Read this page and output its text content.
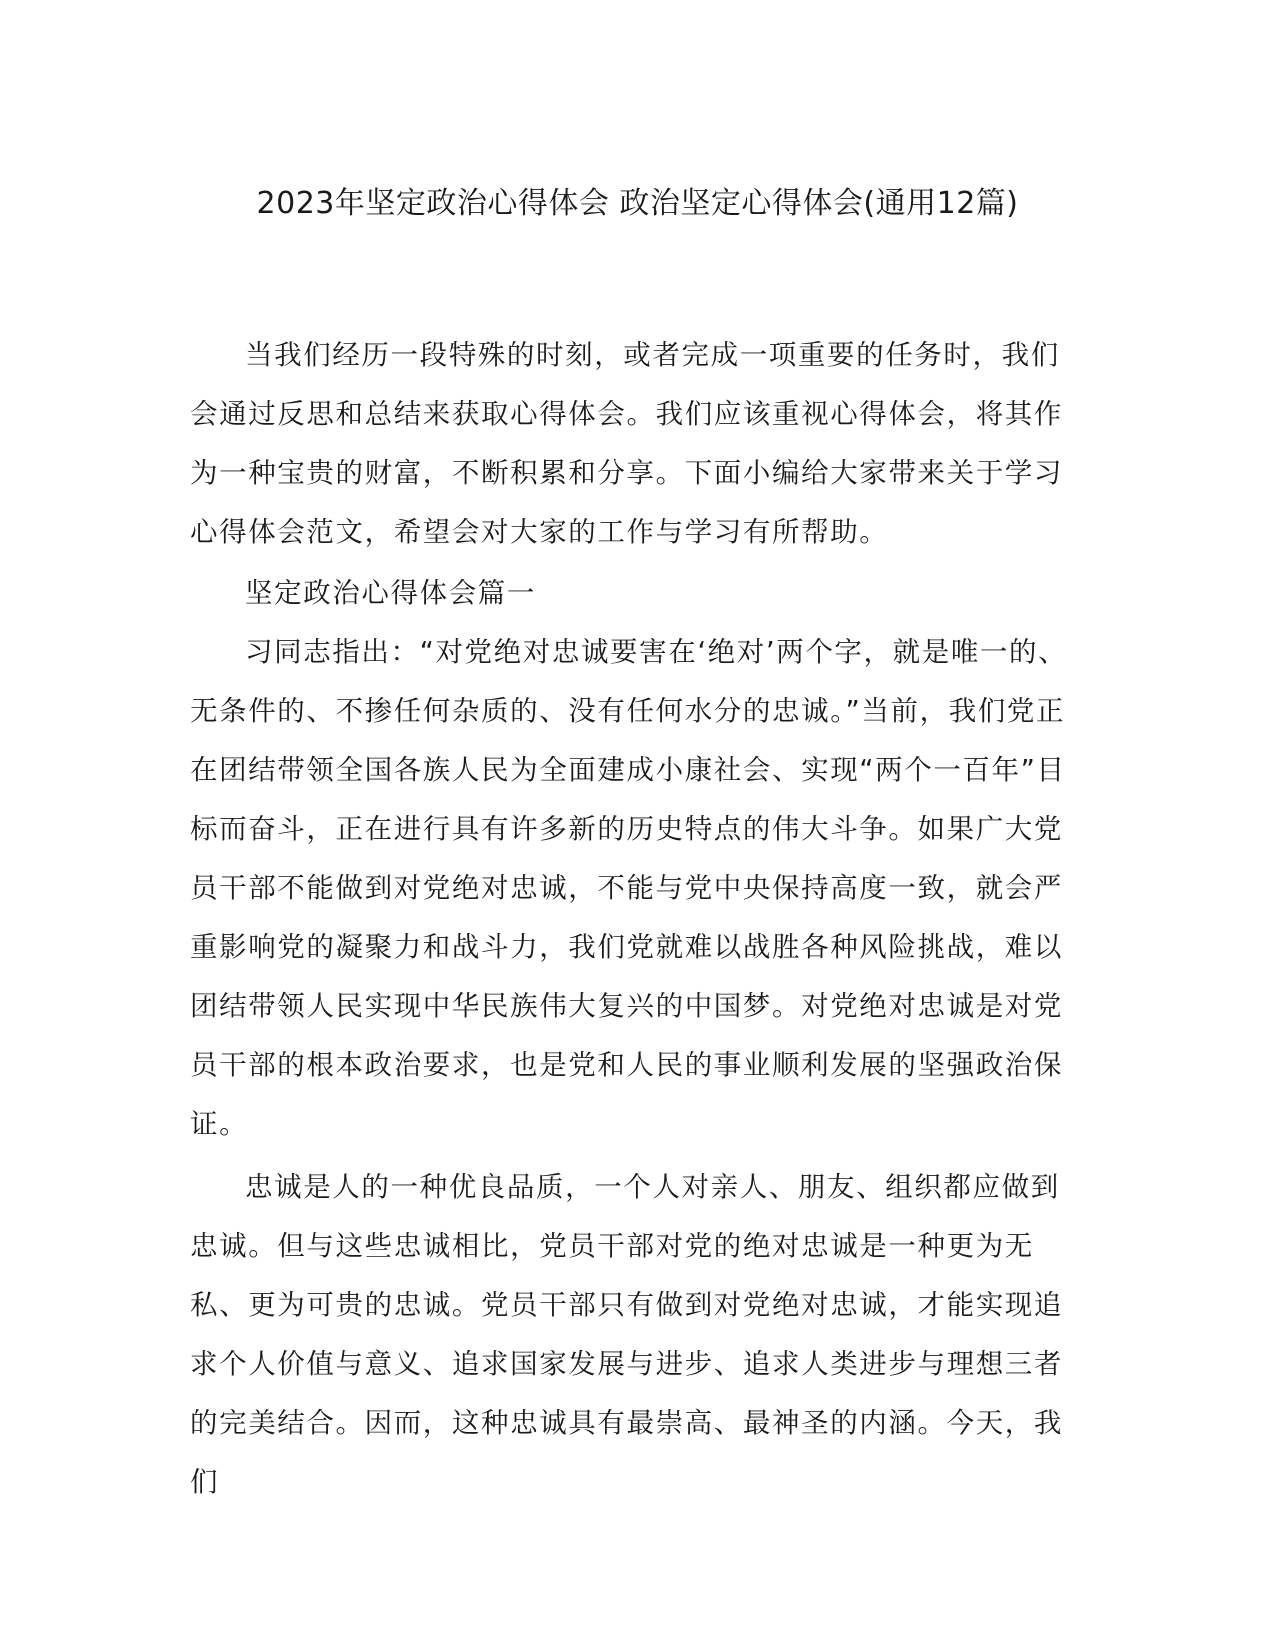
2023年坚定政治心得体会 政治坚定心得体会(通用12篇)

当我们经历一段特殊的时刻，或者完成一项重要的任务时，我们会通过反思和总结来获取心得体会。我们应该重视心得体会，将其作为一种宝贵的财富，不断积累和分享。下面小编给大家带来关于学习心得体会范文，希望会对大家的工作与学习有所帮助。

坚定政治心得体会篇一

习同志指出：“对党绝对忠诚要害在‘绝对’两个字，就是唯一的、无条件的、不掺任何杂质的、没有任何水分的忠诚。”当前，我们党正在团结带领全国各族人民为全面建成小康社会、实现“两个一百年”目标而奋斗，正在进行具有许多新的历史特点的伟大斗争。如果广大党员干部不能做到对党绝对忠诚，不能与党中央保持高度一致，就会严重影响党的凝聚力和战斗力，我们党就难以战胜各种风险挑战，难以团结带领人民实现中华民族伟大复兴的中国梦。对党绝对忠诚是对党员干部的根本政治要求，也是党和人民的事业顺利发展的坚强政治保证。

忠诚是人的一种优良品质，一个人对亲人、朋友、组织都应做到忠诚。但与这些忠诚相比，党员干部对党的绝对忠诚是一种更为无私、更为可贵的忠诚。党员干部只有做到对党绝对忠诚，才能实现追求个人价值与意义、追求国家发展与进步、追求人类进步与理想三者的完美结合。因而，这种忠诚具有最崇高、最神圣的内涵。今天，我们
